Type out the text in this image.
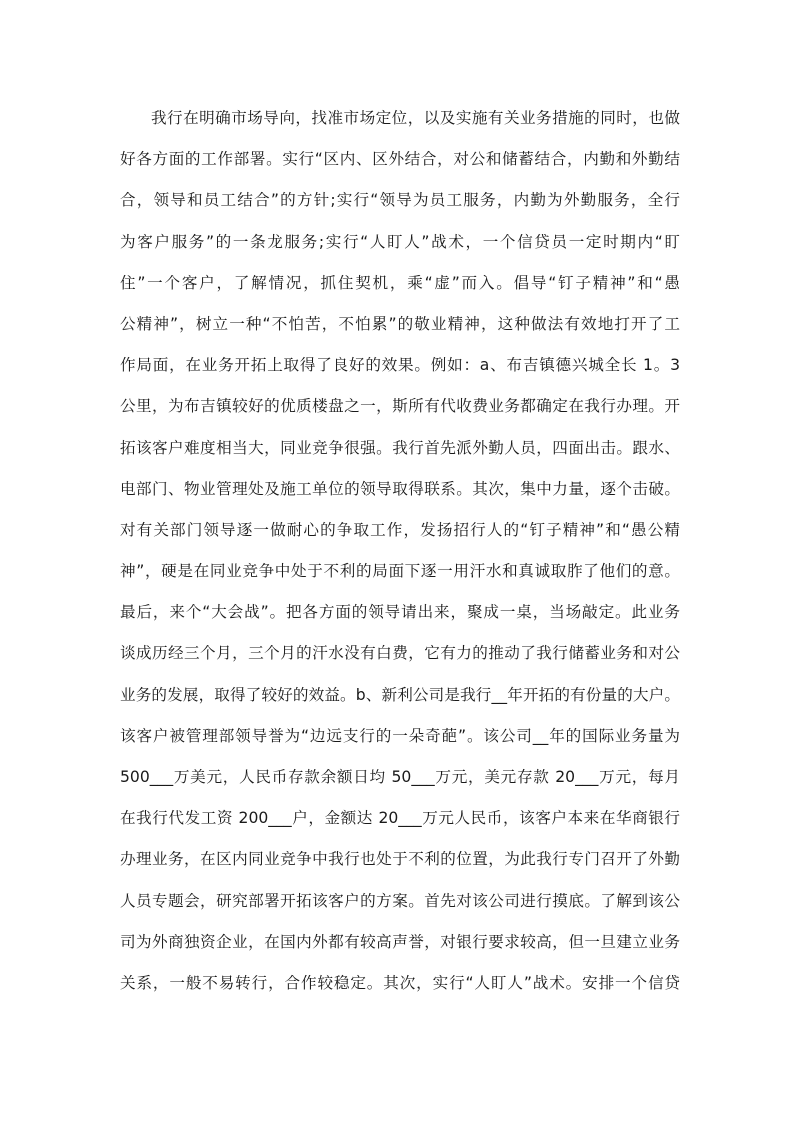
我行在明确市场导向，找准市场定位，以及实施有关业务措施的同时，也做
好各方面的工作部署。实行“区内、区外结合，对公和储蓄结合，内勤和外勤结
合，领导和员工结合”的方针;实行“领导为员工服务，内勤为外勤服务，全行
为客户服务”的一条龙服务;实行“人盯人”战术，一个信贷员一定时期内“盯
住”一个客户，了解情况，抓住契机，乘“虚”而入。倡导“钉子精神”和“愚
公精神”，树立一种“不怕苦，不怕累”的敬业精神，这种做法有效地打开了工
作局面，在业务开拓上取得了良好的效果。例如：a、布吉镇德兴城全长 1。3
公里，为布吉镇较好的优质楼盘之一，斯所有代收费业务都确定在我行办理。开
拓该客户难度相当大，同业竞争很强。我行首先派外勤人员，四面出击。跟水、
电部门、物业管理处及施工单位的领导取得联系。其次，集中力量，逐个击破。
对有关部门领导逐一做耐心的争取工作，发扬招行人的“钉子精神”和“愚公精
神”，硬是在同业竞争中处于不利的局面下逐一用汗水和真诚取胙了他们的意。
最后，来个“大会战”。把各方面的领导请出来，聚成一桌，当场敲定。此业务
谈成历经三个月，三个月的汗水没有白费，它有力的推动了我行储蓄业务和对公
业务的发展，取得了较好的效益。b、新利公司是我行__年开拓的有份量的大户。
该客户被管理部领导誉为“边远支行的一朵奇葩”。该公司__年的国际业务量为
500___万美元，人民币存款余额日均 50___万元，美元存款 20___万元，每月
在我行代发工资 200___户，金额达 20___万元人民币，该客户本来在华商银行
办理业务，在区内同业竞争中我行也处于不利的位置，为此我行专门召开了外勤
人员专题会，研究部署开拓该客户的方案。首先对该公司进行摸底。了解到该公
司为外商独资企业，在国内外都有较高声誉，对银行要求较高，但一旦建立业务
关系，一般不易转行，合作较稳定。其次，实行“人盯人”战术。安排一个信贷
